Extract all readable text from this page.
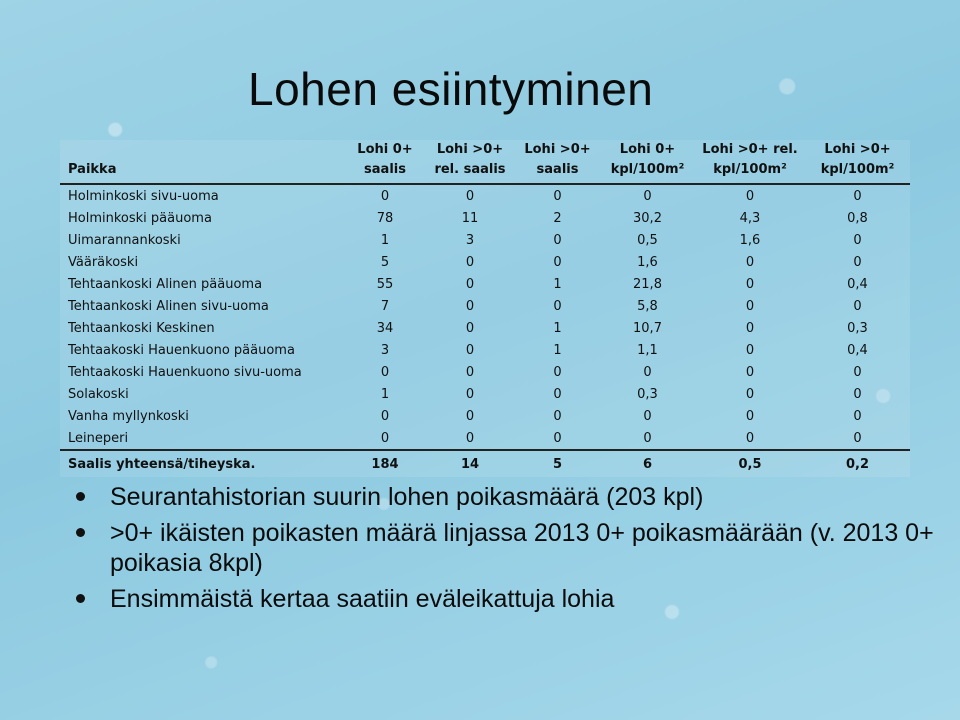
Lohen esiintyminen
	Lohi 0+	Lohi >0+	Lohi >0+	Lohi 0+	Lohi >0+ rel.	Lohi >0+
Paikka	saalis	rel. saalis	saalis	kpl/100m²	kpl/100m²	kpl/100m²
Holminkoski sivu-uoma	0	0	0	0	0	0
Holminkoski pääuoma	78	11	2	30,2	4,3	0,8
Uimarannankoski	1	3	0	0,5	1,6	0
Vääräkoski	5	0	0	1,6	0	0
Tehtaankoski Alinen pääuoma	55	0	1	21,8	0	0,4
Tehtaankoski Alinen sivu-uoma	7	0	0	5,8	0	0
Tehtaankoski Keskinen	34	0	1	10,7	0	0,3
Tehtaakoski Hauenkuono pääuoma	3	0	1	1,1	0	0,4
Tehtaakoski Hauenkuono sivu-uoma	0	0	0	0	0	0
Solakoski	1	0	0	0,3	0	0
Vanha myllynkoski	0	0	0	0	0	0
Leineperi	0	0	0	0	0	0
Saalis yhteensä/tiheyska.	184	14	5	6	0,5	0,2
Seurantahistorian suurin lohen poikasmäärä (203 kpl)
>0+ ikäisten poikasten määrä linjassa 2013 0+ poikasmäärään (v. 2013 0+ poikasia 8kpl)
Ensimmäistä kertaa saatiin eväleikattuja lohia
